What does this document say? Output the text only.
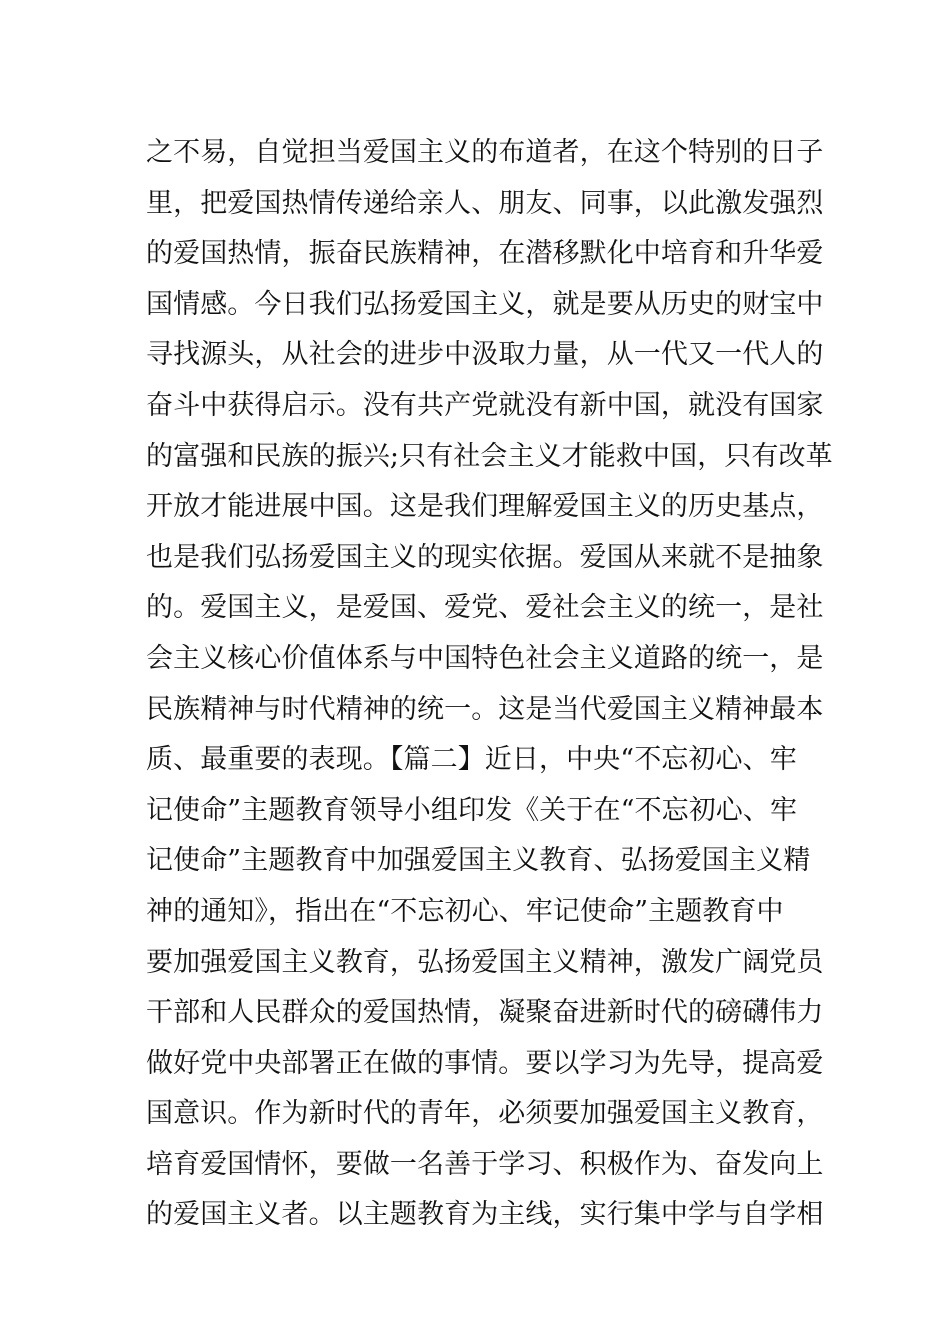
之不易，自觉担当爱国主义的布道者，在这个特别的日子
里，把爱国热情传递给亲人、朋友、同事，以此激发强烈
的爱国热情，振奋民族精神，在潜移默化中培育和升华爱
国情感。今日我们弘扬爱国主义，就是要从历史的财宝中
寻找源头，从社会的进步中汲取力量，从一代又一代人的
奋斗中获得启示。没有共产党就没有新中国，就没有国家
的富强和民族的振兴;只有社会主义才能救中国，只有改革
开放才能进展中国。这是我们理解爱国主义的历史基点，
也是我们弘扬爱国主义的现实依据。爱国从来就不是抽象
的。爱国主义，是爱国、爱党、爱社会主义的统一，是社
会主义核心价值体系与中国特色社会主义道路的统一，是
民族精神与时代精神的统一。这是当代爱国主义精神最本
质、最重要的表现。【篇二】近日，中央“不忘初心、牢
记使命”主题教育领导小组印发《关于在“不忘初心、牢
记使命”主题教育中加强爱国主义教育、弘扬爱国主义精
神的通知》，指出在“不忘初心、牢记使命”主题教育中
要加强爱国主义教育，弘扬爱国主义精神，激发广阔党员
干部和人民群众的爱国热情，凝聚奋进新时代的磅礴伟力
做好党中央部署正在做的事情。要以学习为先导，提高爱
国意识。作为新时代的青年，必须要加强爱国主义教育，
培育爱国情怀，要做一名善于学习、积极作为、奋发向上
的爱国主义者。以主题教育为主线，实行集中学与自学相
